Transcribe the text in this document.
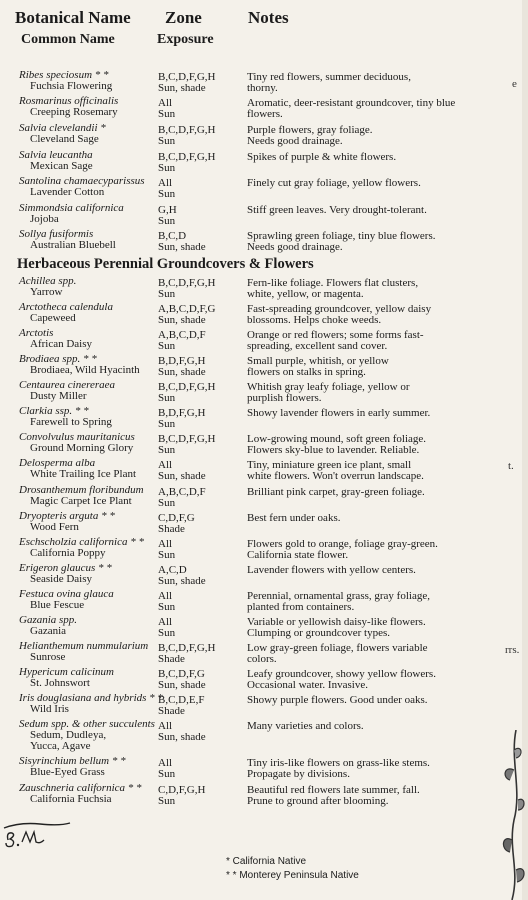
Botanical Name Zone	Notes
Common Name	Exposure
Herbaceous Perennial Groundcovers & Flowers
Ribes speciosum * *
Fuchsia Flowering
B,C,D,F,G,H
Sun, shade
Tiny red flowers, summer deciduous,
thorny.
Rosmarinus officinalis
Creeping Rosemary
All
Sun
Aromatic, deer-resistant groundcover, tiny blue
flowers.
Salvia clevelandii *
Cleveland Sage
B,C,D,F,G,H
Sun
Purple flowers, gray foliage.
Needs good drainage.
Salvia leucantha
Mexican Sage
B,C,D,F,G,H
Sun
Spikes of purple & white flowers.
Santolina chamaecyparissus
Lavender Cotton
All
Sun
Finely cut gray foliage, yellow flowers.
Simmondsia californica
Jojoba
G,H
Sun
Stiff green leaves. Very drought-tolerant.
Sollya fusiformis
Australian Bluebell
B,C,D
Sun, shade
Sprawling green foliage, tiny blue flowers.
Needs good drainage.
Achillea spp.
Yarrow
B,C,D,F,G,H
Sun
Fern-like foliage. Flowers flat clusters,
white, yellow, or magenta.
Arctotheca calendula
Capeweed
A,B,C,D,F,G
Sun, shade
Fast-spreading groundcover, yellow daisy
blossoms. Helps choke weeds.
Arctotis
African Daisy
A,B,C,D,F
Sun
Orange or red flowers; some forms fast-
spreading, excellent sand cover.
Brodiaea spp. * *
Brodiaea, Wild Hyacinth
B,D,F,G,H
Sun, shade
Small purple, whitish, or yellow
flowers on stalks in spring.
Centaurea cinereraea
Dusty Miller
B,C,D,F,G,H
Sun
Whitish gray leafy foliage, yellow or
purplish flowers.
Clarkia ssp. * *
Farewell to Spring
B,D,F,G,H
Sun
Showy lavender flowers in early summer.
Convolvulus mauritanicus
Ground Morning Glory
B,C,D,F,G,H
Sun
Low-growing mound, soft green foliage.
Flowers sky-blue to lavender. Reliable.
Delosperma alba
White Trailing Ice Plant
All
Sun, shade
Tiny, miniature green ice plant, small
white flowers. Won't overrun landscape.
Drosanthemum floribundum
Magic Carpet Ice Plant
A,B,C,D,F
Sun
Brilliant pink carpet, gray-green foliage.
Dryopteris arguta * *
Wood Fern
C,D,F,G
Shade
Best fern under oaks.
Eschscholzia californica * *
California Poppy
All
Sun
Flowers gold to orange, foliage gray-green.
California state flower.
Erigeron glaucus * *
Seaside Daisy
A,C,D
Sun, shade
Lavender flowers with yellow centers.
Festuca ovina glauca
Blue Fescue
All
Sun
Perennial, ornamental grass, gray foliage,
planted from containers.
Gazania spp.
Gazania
All
Sun
Variable or yellowish daisy-like flowers.
Clumping or groundcover types.
Helianthemum nummularium
Sunrose
B,C,D,F,G,H
Shade
Low gray-green foliage, flowers variable
colors.
Hypericum calicinum
St. Johnswort
B,C,D,F,G
Sun, shade
Leafy groundcover, showy yellow flowers.
Occasional water. Invasive.
Iris douglasiana and hybrids * *
Wild Iris
B,C,D,E,F
Shade
Showy purple flowers. Good under oaks.
Sedum spp. & other succulents
Sedum, Dudleya,
Yucca, Agave
All
Sun, shade
Many varieties and colors.
Sisyrinchium bellum * *
Blue-Eyed Grass
All
Sun
Tiny iris-like flowers on grass-like stems.
Propagate by divisions.
Zauschneria californica * *
California Fuchsia
C,D,F,G,H
Sun
Beautiful red flowers late summer, fall.
Prune to ground after blooming.
e
t.
rrs.
* California Native
* * Monterey Peninsula Native
